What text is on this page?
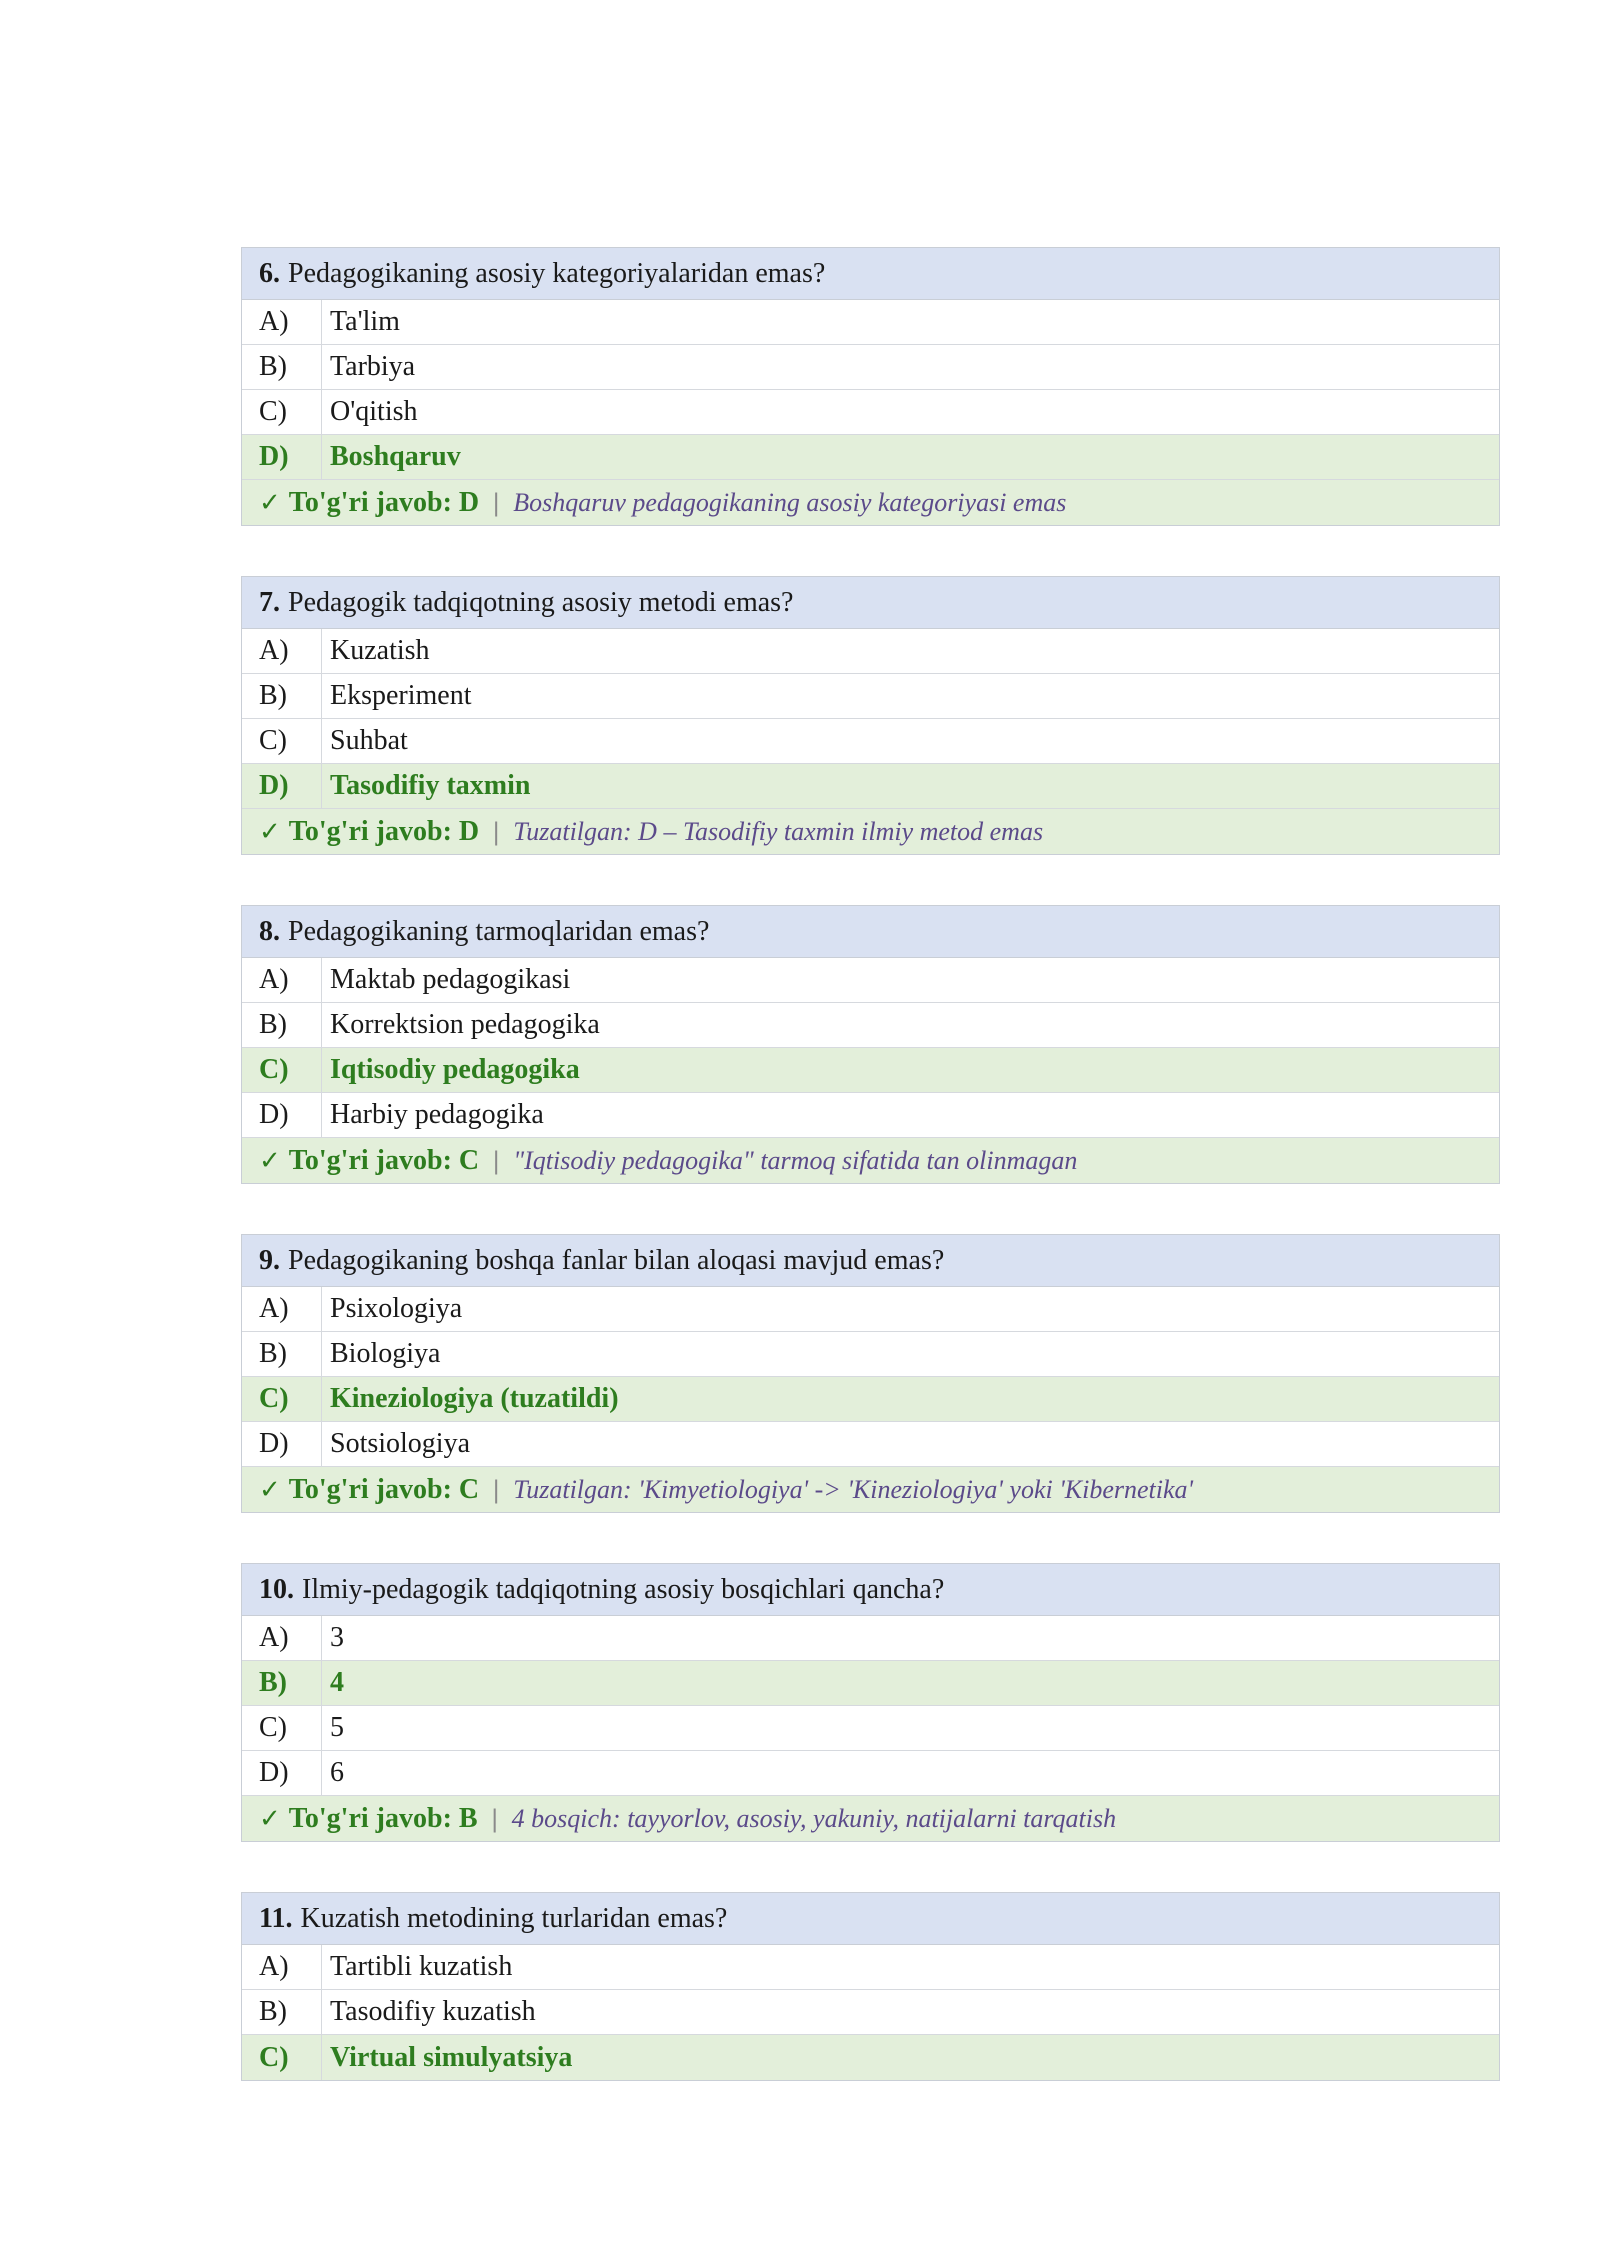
6. Pedagogikaning asosiy kategoriyalaridan emas?
A)	Ta'lim
B)	Tarbiya
C)	O'qitish
D)	Boshqaruv
✓ To'g'ri javob: D | Boshqaruv pedagogikaning asosiy kategoriyasi emas
7. Pedagogik tadqiqotning asosiy metodi emas?
A)	Kuzatish
B)	Eksperiment
C)	Suhbat
D)	Tasodifiy taxmin
✓ To'g'ri javob: D | Tuzatilgan: D – Tasodifiy taxmin ilmiy metod emas
8. Pedagogikaning tarmoqlaridan emas?
A)	Maktab pedagogikasi
B)	Korrektsion pedagogika
C)	Iqtisodiy pedagogika
D)	Harbiy pedagogika
✓ To'g'ri javob: C | "Iqtisodiy pedagogika" tarmoq sifatida tan olinmagan
9. Pedagogikaning boshqa fanlar bilan aloqasi mavjud emas?
A)	Psixologiya
B)	Biologiya
C)	Kineziologiya (tuzatildi)
D)	Sotsiologiya
✓ To'g'ri javob: C | Tuzatilgan: 'Kimyetiologiya' -> 'Kineziologiya' yoki 'Kibernetika'
10. Ilmiy-pedagogik tadqiqotning asosiy bosqichlari qancha?
A)	3
B)	4
C)	5
D)	6
✓ To'g'ri javob: B | 4 bosqich: tayyorlov, asosiy, yakuniy, natijalarni tarqatish
11. Kuzatish metodining turlaridan emas?
A)	Tartibli kuzatish
B)	Tasodifiy kuzatish
C)	Virtual simulyatsiya
